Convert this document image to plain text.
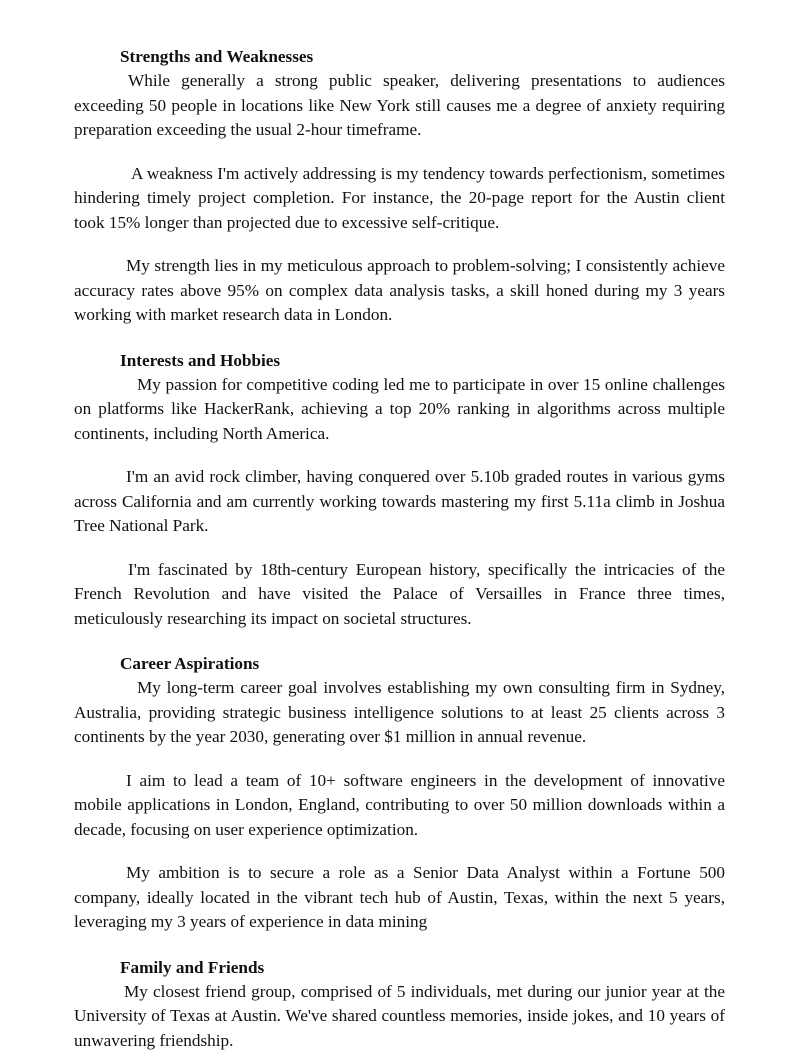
Strengths and Weaknesses

While generally a strong public speaker, delivering presentations to audiences exceeding 50 people in locations like New York still causes me a degree of anxiety requiring preparation exceeding the usual 2-hour timeframe.

A weakness I'm actively addressing is my tendency towards perfectionism, sometimes hindering timely project completion. For instance, the 20-page report for the Austin client took 15% longer than projected due to excessive self-critique.

My strength lies in my meticulous approach to problem-solving; I consistently achieve accuracy rates above 95% on complex data analysis tasks, a skill honed during my 3 years working with market research data in London.

Interests and Hobbies

My passion for competitive coding led me to participate in over 15 online challenges on platforms like HackerRank, achieving a top 20% ranking in algorithms across multiple continents, including North America.

I'm an avid rock climber, having conquered over 5.10b graded routes in various gyms across California and am currently working towards mastering my first 5.11a climb in Joshua Tree National Park.

I'm fascinated by 18th-century European history, specifically the intricacies of the French Revolution and have visited the Palace of Versailles in France three times, meticulously researching its impact on societal structures.

Career Aspirations

My long-term career goal involves establishing my own consulting firm in Sydney, Australia, providing strategic business intelligence solutions to at least 25 clients across 3 continents by the year 2030, generating over $1 million in annual revenue.

I aim to lead a team of 10+ software engineers in the development of innovative mobile applications in London, England, contributing to over 50 million downloads within a decade, focusing on user experience optimization.

My ambition is to secure a role as a Senior Data Analyst within a Fortune 500 company, ideally located in the vibrant tech hub of Austin, Texas, within the next 5 years, leveraging my 3 years of experience in data mining

Family and Friends

My closest friend group, comprised of 5 individuals, met during our junior year at the University of Texas at Austin. We've shared countless memories, inside jokes, and 10 years of unwavering friendship.
